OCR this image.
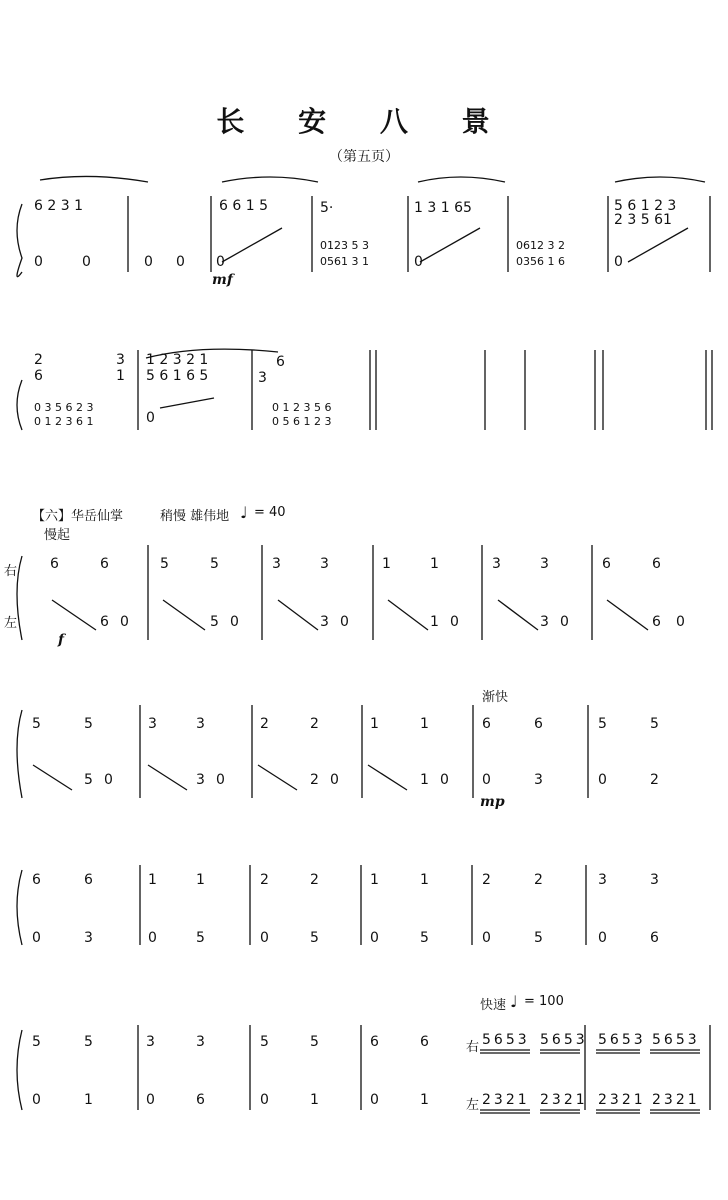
长 安 八 景
（第五页）
6 2 3 1	6 6 1 5	5·	1 3 1 65	5 6 1 2 3
2 3 5 61
0	0	0 0 0
0123 5 3
0
0561 3 1	0
0612 3 2
0356 1 6
mf
2
6
3
1
1 2 3 2 1
5 6 1 6 5
6
3
0 3 5 6 2 3
0 1 2 3 6 1	0
0 1 2 3 5 6
0 5 6 1 2 3
【六】华岳仙掌	稍慢 雄伟地 ♩ = 40
慢起
右
左
f
6	6	5	5	3	3	1	1	3	3	6	6
6 0	5 0	3 0	1 0	3 0	6 0
渐快
5	5	3	3	2	2	1	1	6	6	5	5
5 0	3 0	2 0	1 0 0	3	0	2
mp
6	6	1	1	2	2	1	1	2	2	3	3
0	3	0	5	0	5	0	5	0	5	0	6
快速 ♩ = 100
5	5	3	3	5	5	6	6	右 5653 5653 5653 5653
0	1	0	6	0	1	0	1	左 2321 2321 2321 2321
